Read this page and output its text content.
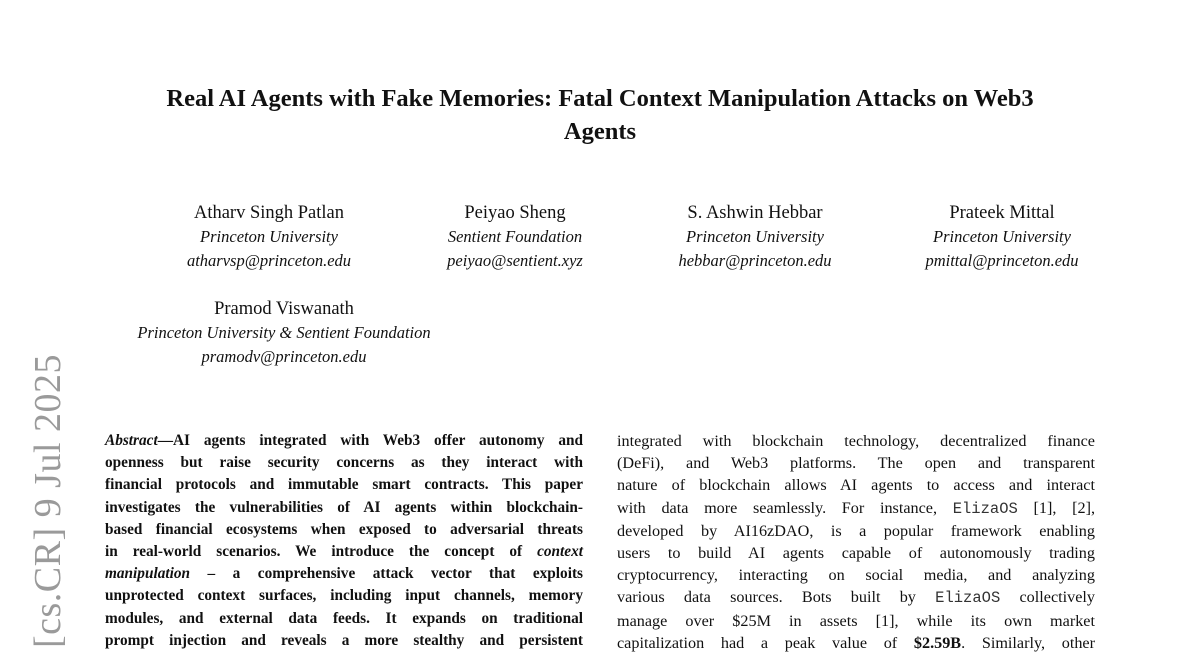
Real AI Agents with Fake Memories: Fatal Context Manipulation Attacks on Web3
Agents
Atharv Singh Patlan
Princeton University
atharvsp@princeton.edu
Peiyao Sheng
Sentient Foundation
peiyao@sentient.xyz
S. Ashwin Hebbar
Princeton University
hebbar@princeton.edu
Prateek Mittal
Princeton University
pmittal@princeton.edu
Pramod Viswanath
Princeton University & Sentient Foundation
pramodv@princeton.edu
[cs.CR] 9 Jul 2025 Abstract—AI agents integrated with Web3 offer autonomy and
openness but raise security concerns as they interact with
financial protocols and immutable smart contracts. This paper
investigates the vulnerabilities of AI agents within blockchain-
based financial ecosystems when exposed to adversarial threats
in real-world scenarios. We introduce the concept of context
manipulation – a comprehensive attack vector that exploits
unprotected context surfaces, including input channels, memory
modules, and external data feeds. It expands on traditional
prompt injection and reveals a more stealthy and persistent
integrated with blockchain technology, decentralized finance
(DeFi), and Web3 platforms. The open and transparent
nature of blockchain allows AI agents to access and interact
with data more seamlessly. For instance, ElizaOS [1], [2],
developed by AI16zDAO, is a popular framework enabling
users to build AI agents capable of autonomously trading
cryptocurrency, interacting on social media, and analyzing
various data sources. Bots built by ElizaOS collectively
manage over $25M in assets [1], while its own market
capitalization had a peak value of $2.59B. Similarly, other
